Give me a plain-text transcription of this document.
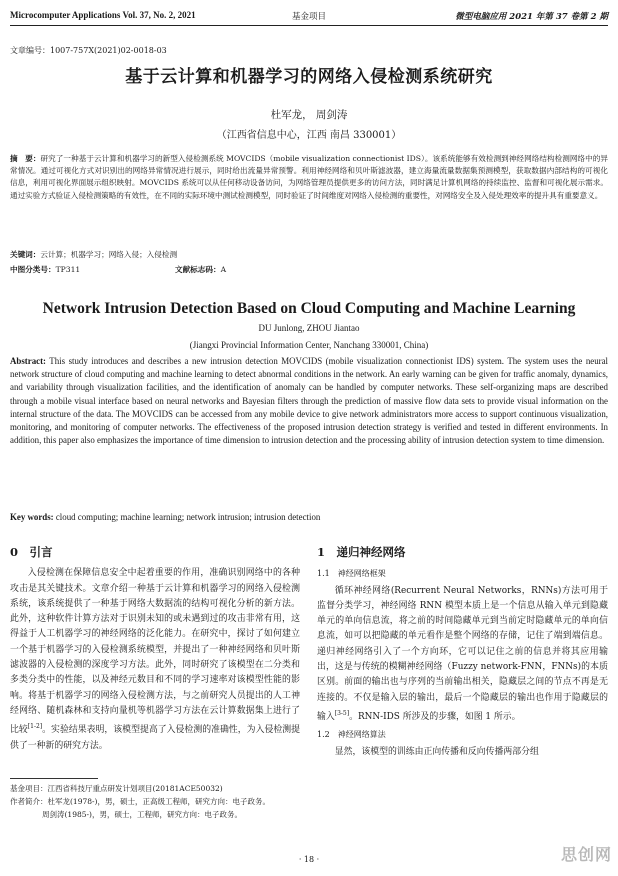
Microcomputer Applications Vol. 37, No. 2, 2021	基金项目	微型电脑应用 2021 年第 37 卷第 2 期
文章编号：1007-757X(2021)02-0018-03
基于云计算和机器学习的网络入侵检测系统研究
杜军龙， 周剑涛
（江西省信息中心，江西 南昌 330001）
摘　要：研究了一种基于云计算和机器学习的新型入侵检测系统 MOVCIDS（mobile visualization connectionist IDS）。该系统能够有效检测到神经网络结构检测网络中的异常情况。通过可视化方式对识别出的网络异常情况进行展示，同时给出流量异常预警。利用神经网络和贝叶斯滤波器，建立海量流量数据集预测模型，获取数据内部结构的可视化信息，利用可视化界面展示组织映射。MOVCIDS 系统可以从任何移动设备访问，为网络管理员提供更多的访问方法，同时满足计算机网络的持续监控、监督和可视化展示需求。通过实验方式验证入侵检测策略的有效性，在不同的实际环境中测试检测模型，同时验证了时间维度对网络入侵检测的重要性，对网络安全及入侵处理效率的提升具有重要意义。
关键词：云计算；机器学习；网络入侵；入侵检测
中图分类号：TP311	文献标志码：A
Network Intrusion Detection Based on Cloud Computing and Machine Learning
DU Junlong, ZHOU Jiantao
(Jiangxi Provincial Information Center, Nanchang 330001, China)
Abstract: This study introduces and describes a new intrusion detection MOVCIDS (mobile visualization connectionist IDS) system. The system uses the neural network structure of cloud computing and machine learning to detect abnormal conditions in the network. An early warning can be given for traffic anomaly, dynamics, and variability through visualization facilities, and the identification of anomaly can be handled by computer networks. These self-organizing maps are described through a mobile visual interface based on neural networks and Bayesian filters through the prediction of massive flow data sets to provide visual information on the internal structure of the data. The MOVCIDS can be accessed from any mobile device to give network administrators more access to support continuous visualization, monitoring, and monitoring of computer networks. The effectiveness of the proposed intrusion detection strategy is verified and tested in different environments. In addition, this paper also emphasizes the importance of time dimension to intrusion detection and the processing ability of intrusion detection system to time dimension.
Key words: cloud computing; machine learning; network intrusion; intrusion detection
0　引言
入侵检测在保障信息安全中起着重要的作用，准确识别网络中的各种攻击是其关键技术。文章介绍一种基于云计算和机器学习的网络入侵检测系统，该系统提供了一种基于网络大数据流的结构可视化分析的新方法。此外，这种软件计算方法对于识别未知的或未遇到过的攻击非常有用，这得益于人工机器学习的神经网络的泛化能力。在研究中，探讨了如何建立一个基于机器学习的入侵检测系统模型，并提出了一种神经网络和贝叶斯滤波器的入侵检测的深度学习方法。此外，同时研究了该模型在二分类和多类分类中的性能，以及神经元数目和不同的学习速率对该模型性能的影响。将基于机器学习的网络入侵检测方法，与之前研究人员提出的人工神经网络、随机森林和支持向量机等机器学习方法在云计算数据集上进行了比较[1-2]。实验结果表明，该模型提高了入侵检测的准确性，为入侵检测提供了一种新的研究方法。
1　递归神经网络
1.1　神经网络框架
循环神经网络(Recurrent Neural Networks，RNNs)方法可用于监督分类学习，神经网络 RNN 模型本质上是一个信息从输入单元到隐藏单元的单向信息流，将之前的时间隐藏单元到当前定时隐藏单元的单向信息流，如可以把隐藏的单元看作是整个网络的存储，记住了端到端信息。递归神经网络引入了一个方向环，它可以记住之前的信息并将其应用输出，这是与传统的模糊神经网络（Fuzzy network-FNN，FNNs)的本质区别。前面的输出也与序列的当前输出相关，隐藏层之间的节点不再是无连接的。不仅是输入层的输出，最后一个隐藏层的输出也作用于隐藏层的输入[3-5]。RNN-IDS 所涉及的步骤，如图 1 所示。
1.2　神经网络算法
显然，该模型的训练由正向传播和反向传播两部分组
基金项目：江西省科技厅重点研发计划项目(20181ACE50032)
作者简介：杜军龙(1978-)，男，硕士，正高级工程师，研究方向：电子政务。
周剑涛(1985-)，男，硕士，工程师，研究方向：电子政务。
· 18 ·	思创网
